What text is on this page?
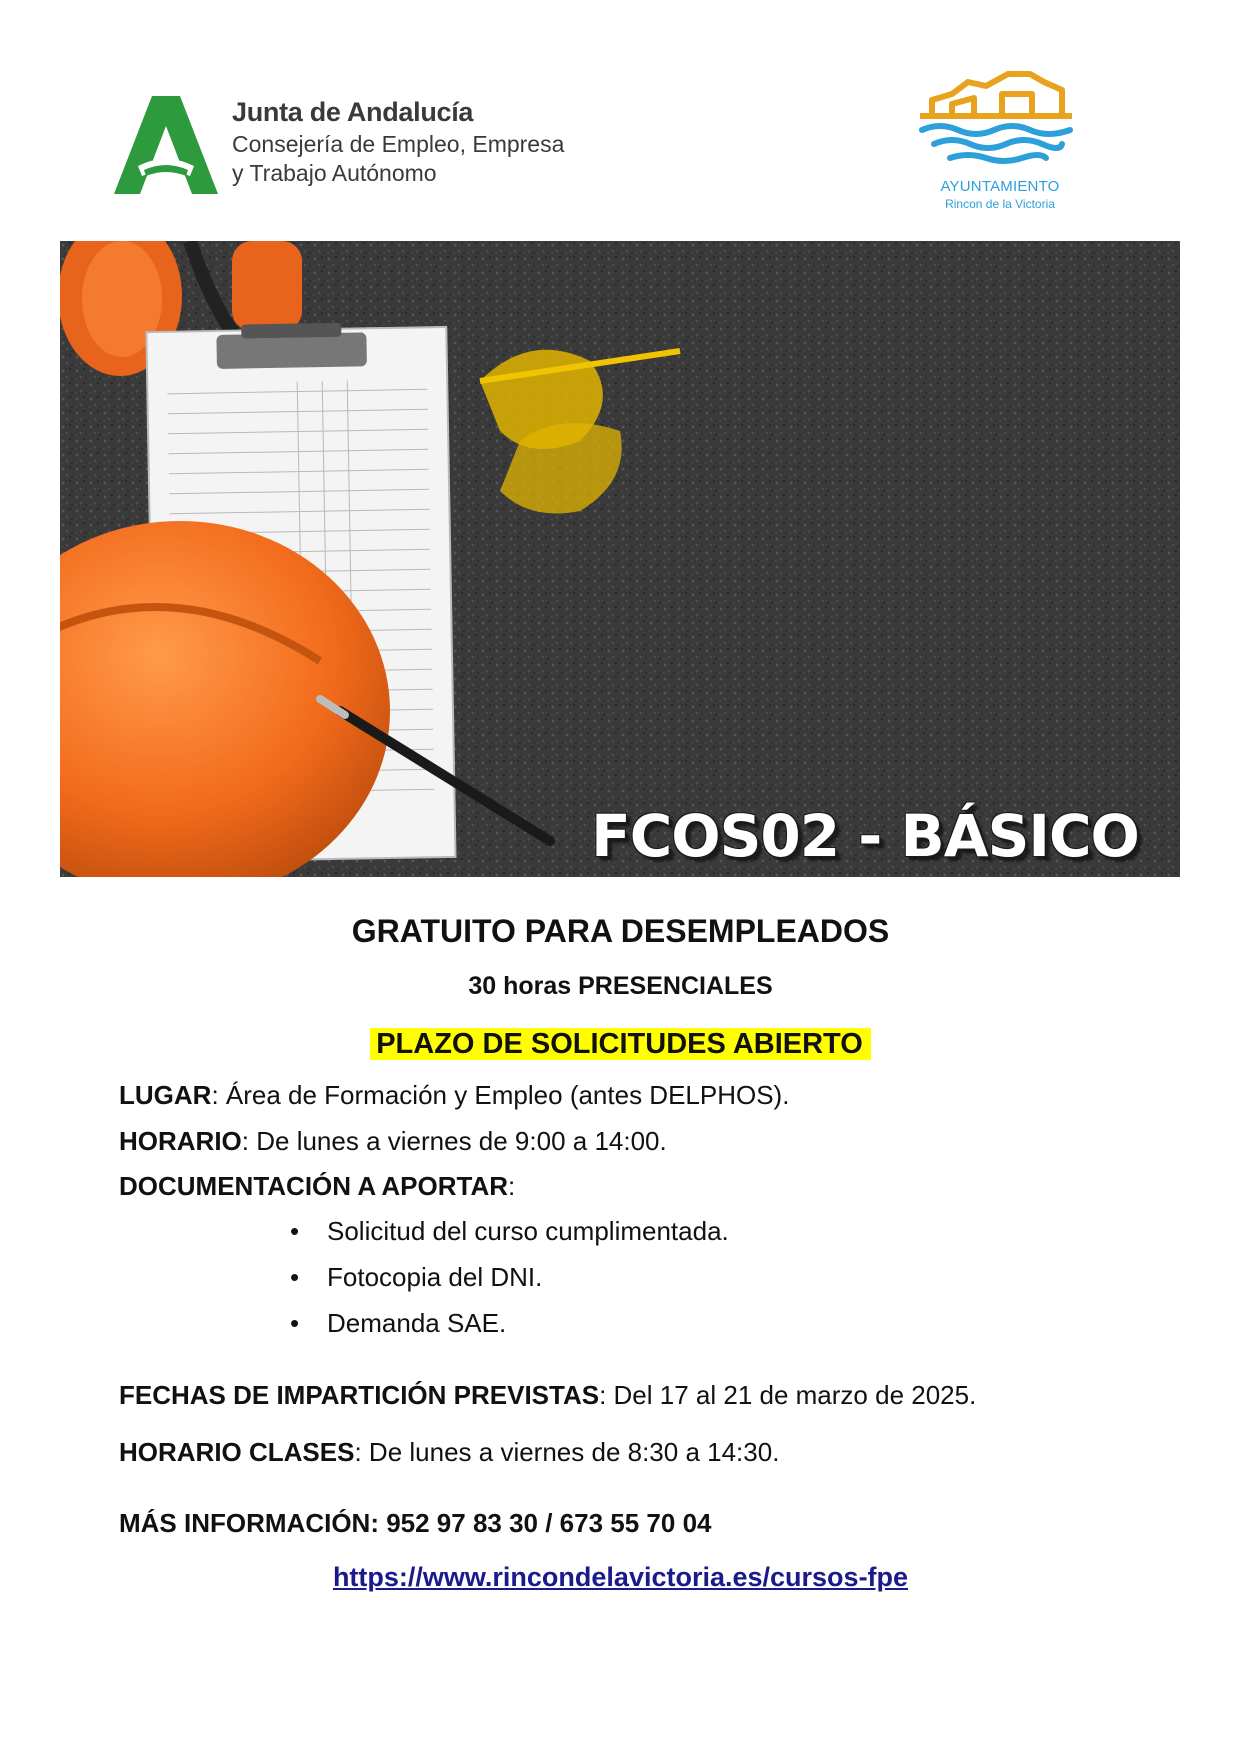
Junta de Andalucía
Consejería de Empleo, Empresa
y Trabajo Autónomo
AYUNTAMIENTO
Rincon de la Victoria
FCOS02 - BÁSICO
GRATUITO PARA DESEMPLEADOS
30 horas PRESENCIALES
PLAZO DE SOLICITUDES ABIERTO
LUGAR: Área de Formación y Empleo (antes DELPHOS).
HORARIO: De lunes a viernes de 9:00 a 14:00.
DOCUMENTACIÓN A APORTAR:
• Solicitud del curso cumplimentada.
• Fotocopia del DNI.
• Demanda SAE.
FECHAS DE IMPARTICIÓN PREVISTAS: Del 17 al 21 de marzo de 2025.
HORARIO CLASES: De lunes a viernes de 8:30 a 14:30.
MÁS INFORMACIÓN: 952 97 83 30 / 673 55 70 04
https://www.rincondelavictoria.es/cursos-fpe
